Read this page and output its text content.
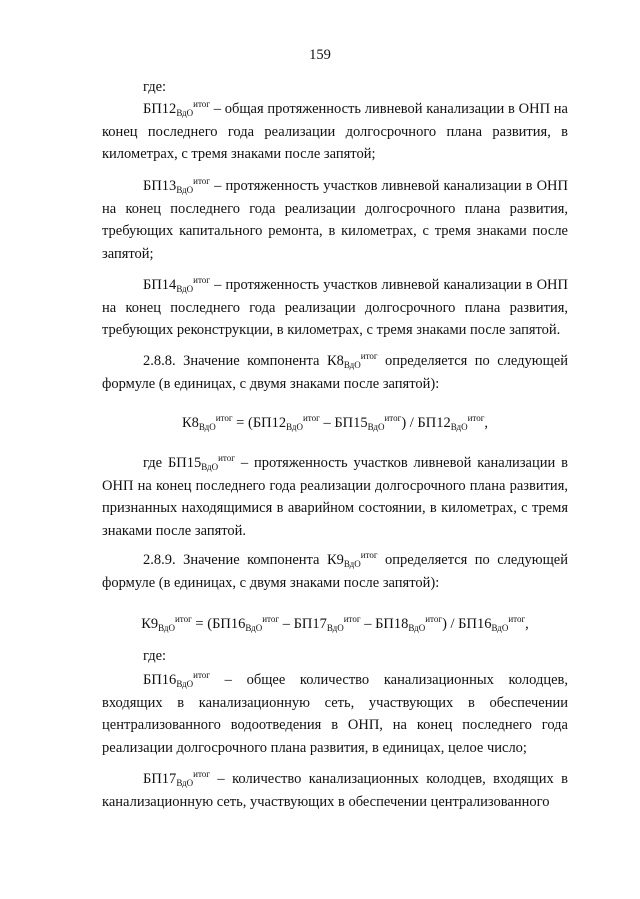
159
где:
$БП12_{ВдО}^{итог}$ – общая протяженность ливневой канализации в ОНП на конец последнего года реализации долгосрочного плана развития, в километрах, с тремя знаками после запятой;
$БП13_{ВдО}^{итог}$ – протяженность участков ливневой канализации в ОНП на конец последнего года реализации долгосрочного плана развития, требующих капитального ремонта, в километрах, с тремя знаками после запятой;
$БП14_{ВдО}^{итог}$ – протяженность участков ливневой канализации в ОНП на конец последнего года реализации долгосрочного плана развития, требующих реконструкции, в километрах, с тремя знаками после запятой.
2.8.8. Значение компонента $К8_{ВдО}^{итог}$ определяется по следующей формуле (в единицах, с двумя знаками после запятой):
$К8_{ВдО}^{итог} = (БП12_{ВдО}^{итог} - БП15_{ВдО}^{итог}) / БП12_{ВдО}^{итог}$,
где $БП15_{ВдО}^{итог}$ – протяженность участков ливневой канализации в ОНП на конец последнего года реализации долгосрочного плана развития, признанных находящимися в аварийном состоянии, в километрах, с тремя знаками после запятой.
2.8.9. Значение компонента $К9_{ВдО}^{итог}$ определяется по следующей формуле (в единицах, с двумя знаками после запятой):
$К9_{ВдО}^{итог} = (БП16_{ВдО}^{итог} - БП17_{ВдО}^{итог} - БП18_{ВдО}^{итог}) / БП16_{ВдО}^{итог}$,
где:
$БП16_{ВдО}^{итог}$ – общее количество канализационных колодцев, входящих в канализационную сеть, участвующих в обеспечении централизованного водоотведения в ОНП, на конец последнего года реализации долгосрочного плана развития, в единицах, целое число;
$БП17_{ВдО}^{итог}$ – количество канализационных колодцев, входящих в канализационную сеть, участвующих в обеспечении централизованного
